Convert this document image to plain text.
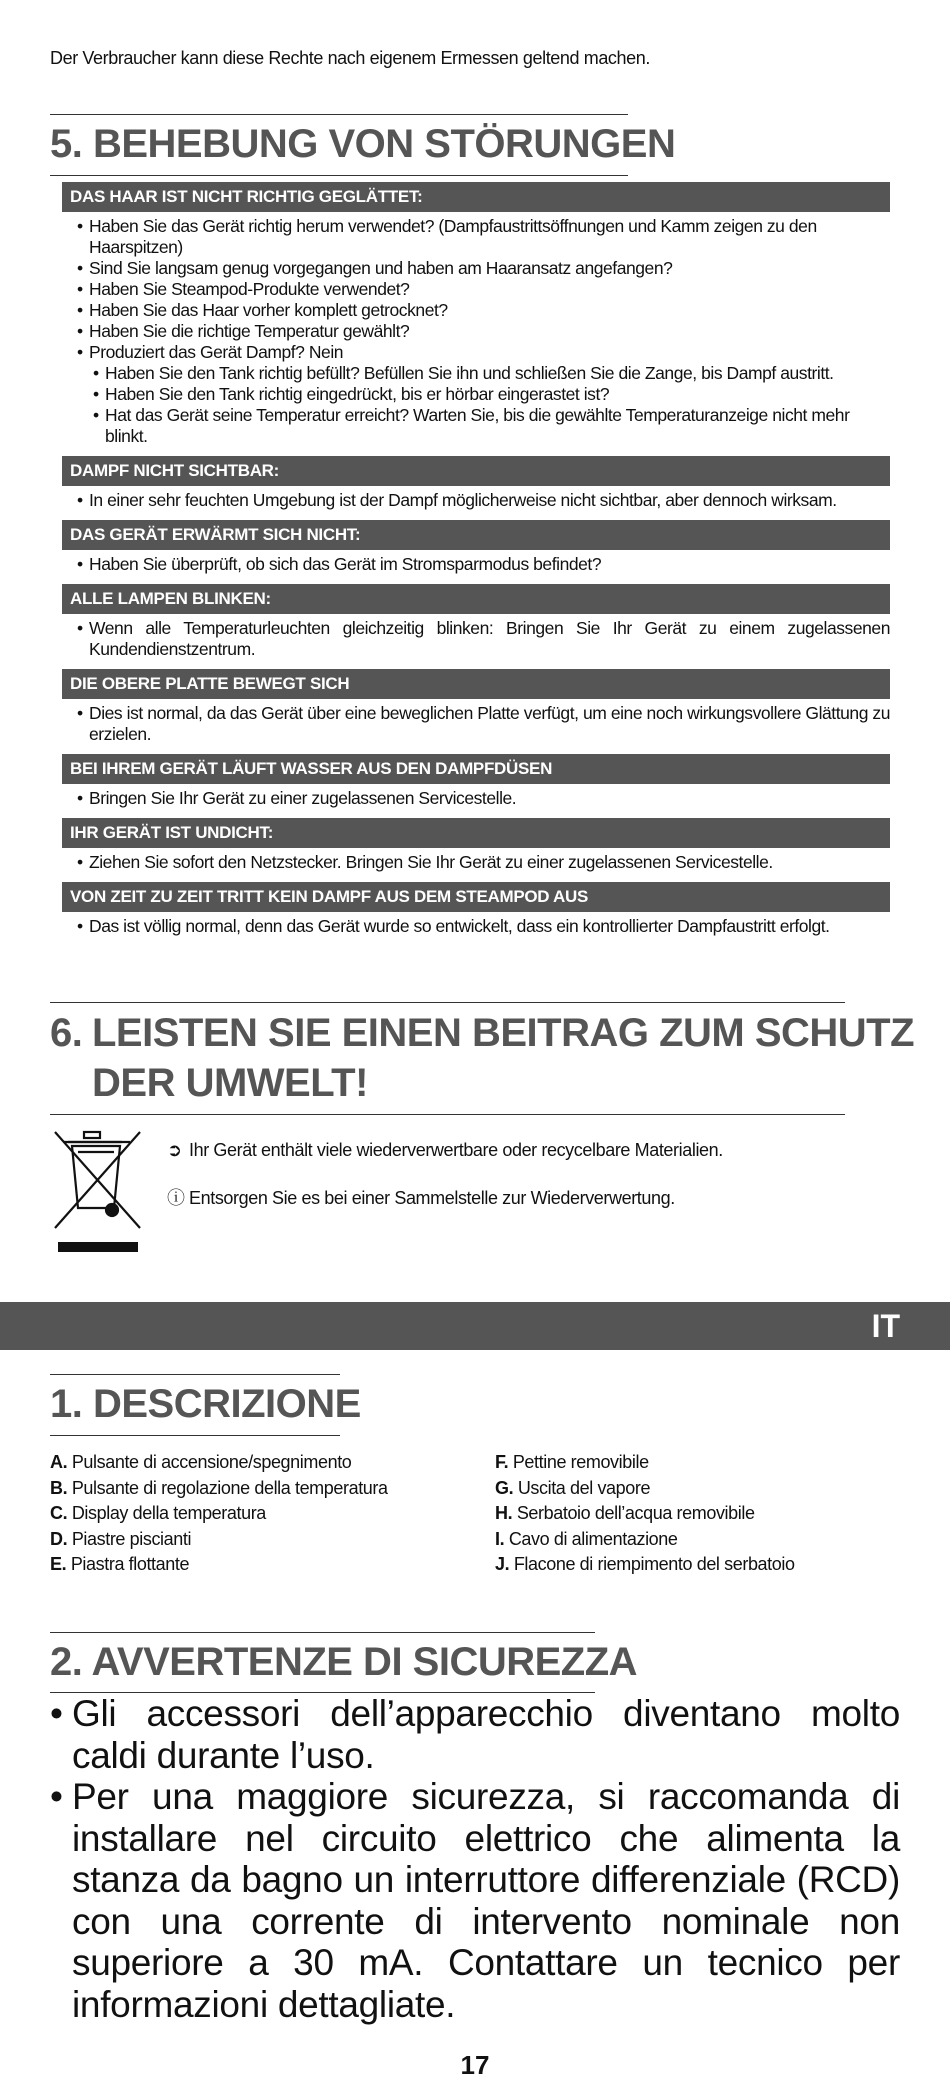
Der Verbraucher kann diese Rechte nach eigenem Ermessen geltend machen.
5. BEHEBUNG VON STÖRUNGEN
DAS HAAR IST NICHT RICHTIG GEGLÄTTET:
• Haben Sie das Gerät richtig herum verwendet? (Dampfaustrittsöffnungen und Kamm zeigen zu den Haarspitzen)
• Sind Sie langsam genug vorgegangen und haben am Haaransatz angefangen?
• Haben Sie Steampod-Produkte verwendet?
• Haben Sie das Haar vorher komplett getrocknet?
• Haben Sie die richtige Temperatur gewählt?
• Produziert das Gerät Dampf? Nein
• Haben Sie den Tank richtig befüllt? Befüllen Sie ihn und schließen Sie die Zange, bis Dampf austritt.
• Haben Sie den Tank richtig eingedrückt, bis er hörbar eingerastet ist?
• Hat das Gerät seine Temperatur erreicht? Warten Sie, bis die gewählte Temperaturanzeige nicht mehr blinkt.
DAMPF NICHT SICHTBAR:
• In einer sehr feuchten Umgebung ist der Dampf möglicherweise nicht sichtbar, aber dennoch wirksam.
DAS GERÄT ERWÄRMT SICH NICHT:
• Haben Sie überprüft, ob sich das Gerät im Stromsparmodus befindet?
ALLE LAMPEN BLINKEN:
• Wenn alle Temperaturleuchten gleichzeitig blinken: Bringen Sie Ihr Gerät zu einem zugelassenen Kundendienstzentrum.
DIE OBERE PLATTE BEWEGT SICH
• Dies ist normal, da das Gerät über eine beweglichen Platte verfügt, um eine noch wirkungsvollere Glättung zu erzielen.
BEI IHREM GERÄT LÄUFT WASSER AUS DEN DAMPFDÜSEN
• Bringen Sie Ihr Gerät zu einer zugelassenen Servicestelle.
IHR GERÄT IST UNDICHT:
• Ziehen Sie sofort den Netzstecker. Bringen Sie Ihr Gerät zu einer zugelassenen Servicestelle.
VON ZEIT ZU ZEIT TRITT KEIN DAMPF AUS DEM STEAMPOD AUS
• Das ist völlig normal, denn das Gerät wurde so entwickelt, dass ein kontrollierter Dampfaustritt erfolgt.
6. LEISTEN SIE EINEN BEITRAG ZUM SCHUTZ
DER UMWELT!
➲ Ihr Gerät enthält viele wiederverwertbare oder recycelbare Materialien.
ⓘ Entsorgen Sie es bei einer Sammelstelle zur Wiederverwertung.
IT
1. DESCRIZIONE
A. Pulsante di accensione/spegnimento
B. Pulsante di regolazione della temperatura
C. Display della temperatura
D. Piastre piscianti
E. Piastra flottante
F. Pettine removibile
G. Uscita del vapore
H. Serbatoio dell’acqua removibile
I. Cavo di alimentazione
J. Flacone di riempimento del serbatoio
2. AVVERTENZE DI SICUREZZA
• Gli accessori dell’apparecchio diventano molto caldi durante l’uso.
• Per una maggiore sicurezza, si raccomanda di installare nel circuito elettrico che alimenta la stanza da bagno un interruttore differenziale (RCD) con una corrente di intervento nominale non superiore a 30 mA. Contattare un tecnico per informazioni dettagliate.
17
